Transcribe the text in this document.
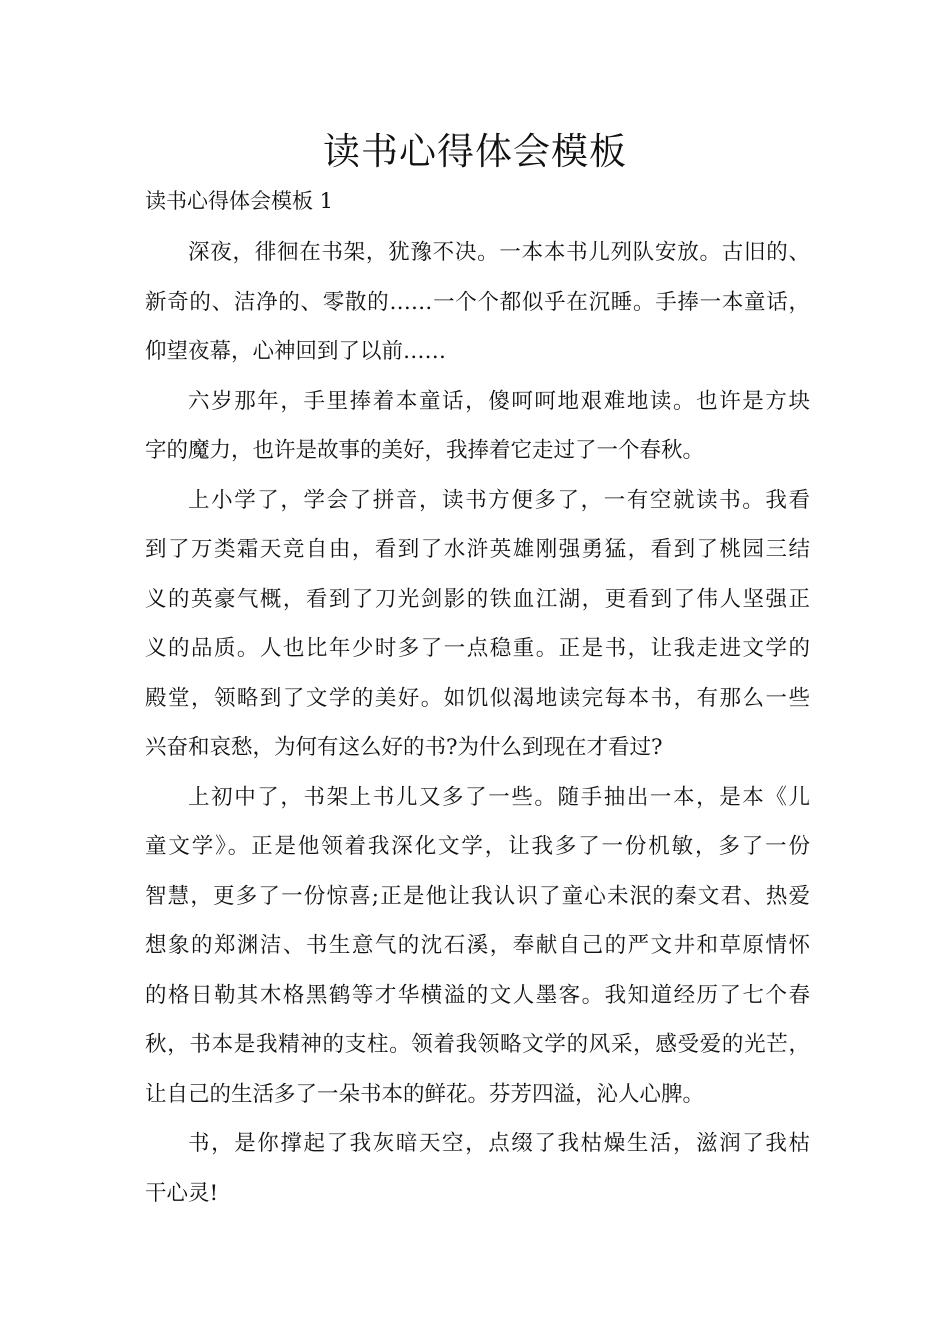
读书心得体会模板

读书心得体会模板 1

深夜，徘徊在书架，犹豫不决。一本本书儿列队安放。古旧的、
新奇的、洁净的、零散的……一个个都似乎在沉睡。手捧一本童话，
仰望夜幕，心神回到了以前……
六岁那年，手里捧着本童话，傻呵呵地艰难地读。也许是方块
字的魔力，也许是故事的美好，我捧着它走过了一个春秋。
上小学了，学会了拼音，读书方便多了，一有空就读书。我看
到了万类霜天竞自由，看到了水浒英雄刚强勇猛，看到了桃园三结
义的英豪气概，看到了刀光剑影的铁血江湖，更看到了伟人坚强正
义的品质。人也比年少时多了一点稳重。正是书，让我走进文学的
殿堂，领略到了文学的美好。如饥似渴地读完每本书，有那么一些
兴奋和哀愁，为何有这么好的书?为什么到现在才看过?
上初中了，书架上书儿又多了一些。随手抽出一本，是本《儿
童文学》。正是他领着我深化文学，让我多了一份机敏，多了一份
智慧，更多了一份惊喜;正是他让我认识了童心未泯的秦文君、热爱
想象的郑渊洁、书生意气的沈石溪，奉献自己的严文井和草原情怀
的格日勒其木格黑鹤等才华横溢的文人墨客。我知道经历了七个春
秋，书本是我精神的支柱。领着我领略文学的风采，感受爱的光芒，
让自己的生活多了一朵书本的鲜花。芬芳四溢，沁人心脾。
书，是你撑起了我灰暗天空，点缀了我枯燥生活，滋润了我枯
干心灵!
